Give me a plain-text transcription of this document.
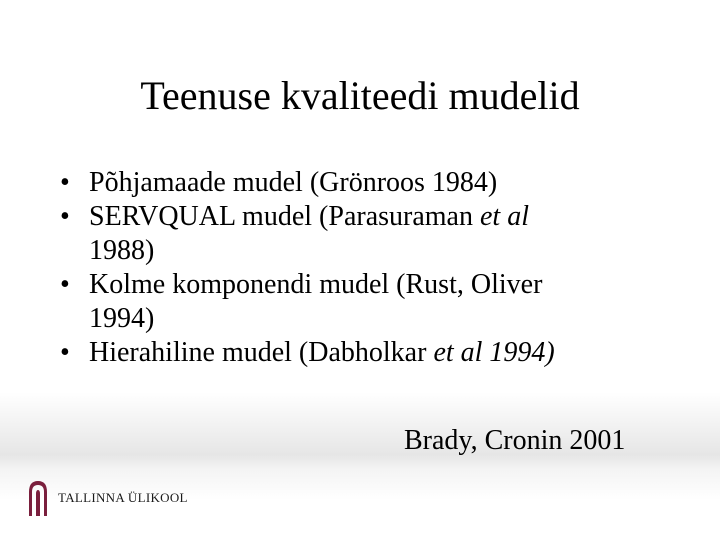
Teenuse kvaliteedi mudelid
• Põhjamaade mudel (Grönroos 1984)
• SERVQUAL mudel (Parasuraman et al
1988)
• Kolme komponendi mudel (Rust, Oliver
1994)
• Hierahiline mudel (Dabholkar et al 1994)
Brady, Cronin 2001
TALLINNA ÜLIKOOL
